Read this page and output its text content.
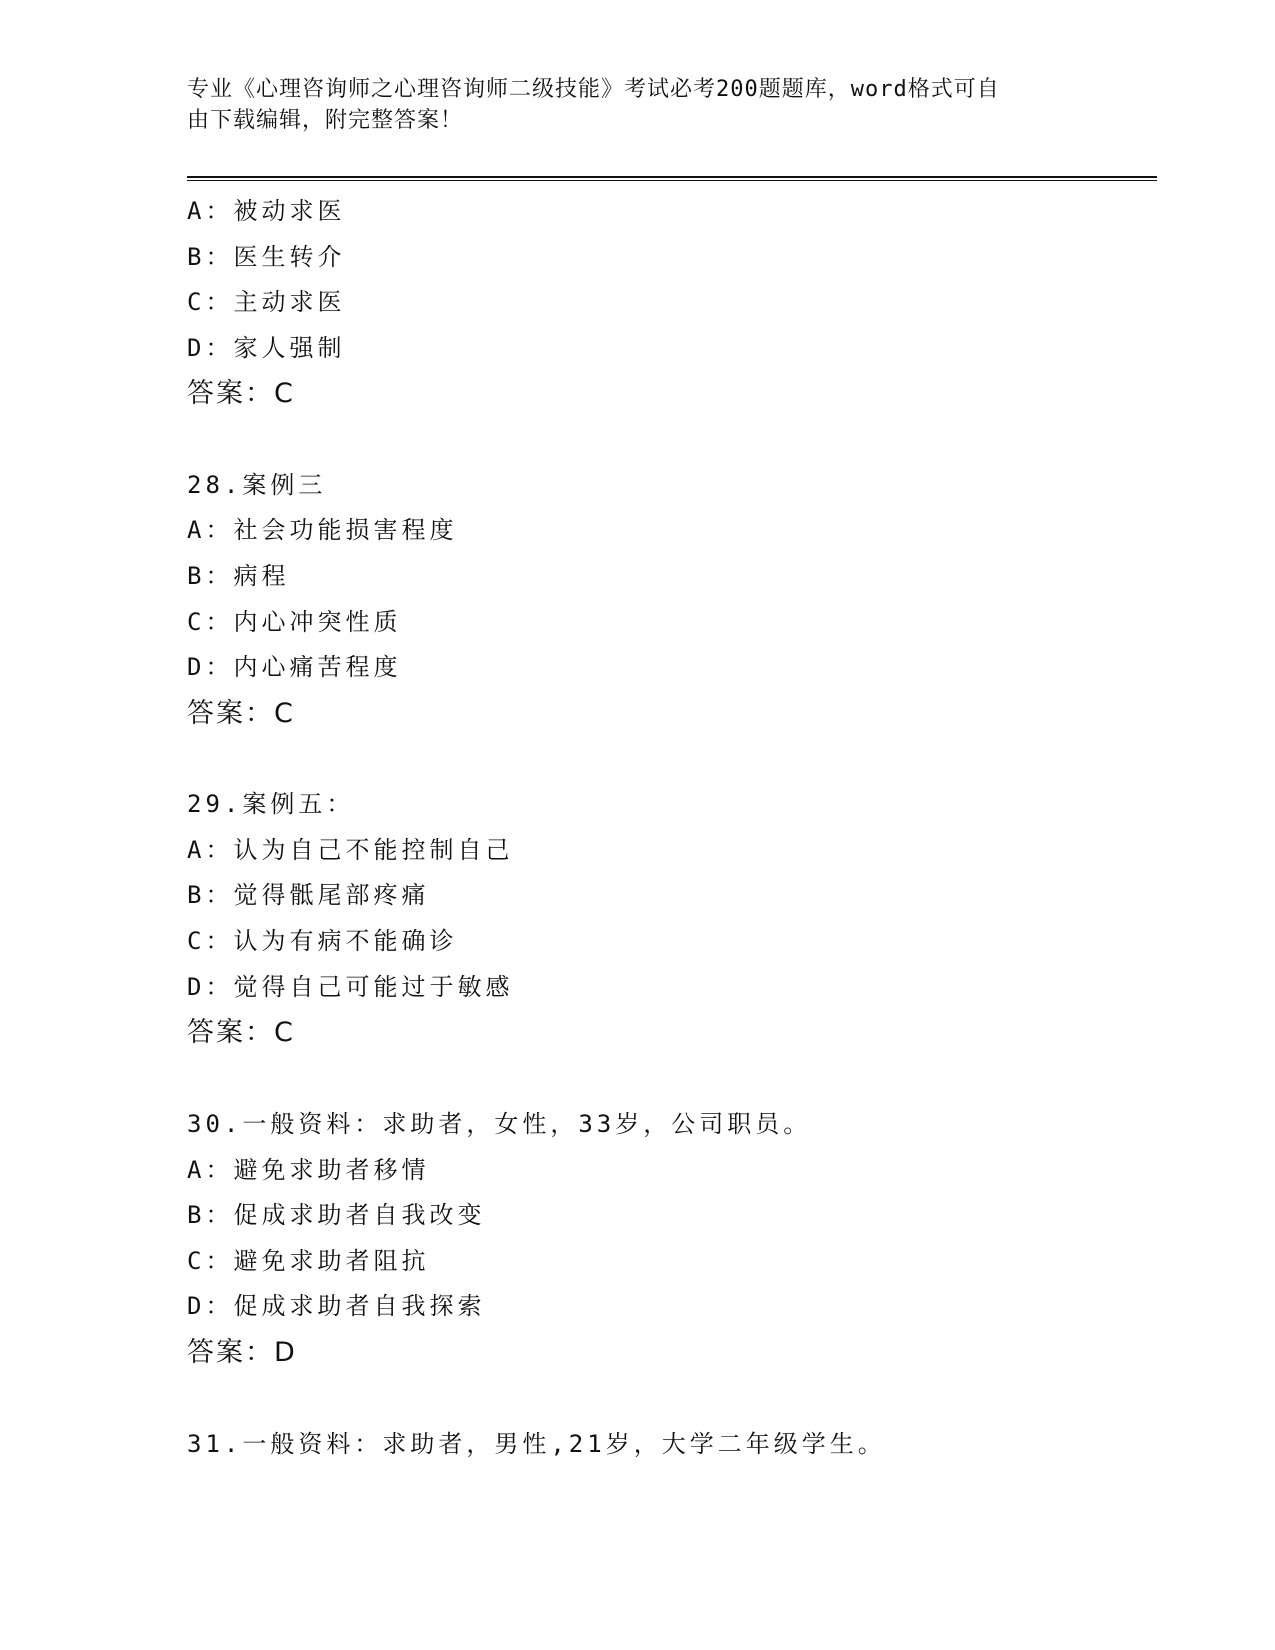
专业《心理咨询师之心理咨询师二级技能》考试必考200题题库，word格式可自
由下载编辑，附完整答案！
A：被动求医
B：医生转介
C：主动求医
D：家人强制
答案：C
28.案例三
A：社会功能损害程度
B：病程
C：内心冲突性质
D：内心痛苦程度
答案：C
29.案例五：
A：认为自己不能控制自己
B：觉得骶尾部疼痛
C：认为有病不能确诊
D：觉得自己可能过于敏感
答案：C
30.一般资料：求助者，女性，33岁，公司职员。
A：避免求助者移情
B：促成求助者自我改变
C：避免求助者阻抗
D：促成求助者自我探索
答案：D
31.一般资料：求助者，男性,21岁，大学二年级学生。
